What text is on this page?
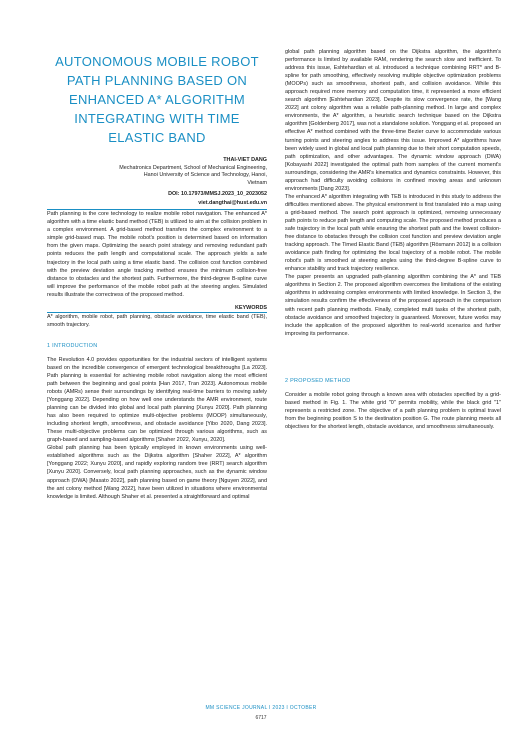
AUTONOMOUS MOBILE ROBOT PATH PLANNING BASED ON ENHANCED A* ALGORITHM INTEGRATING WITH TIME ELASTIC BAND
THAI-VIET DANG
Mechatronics Department, School of Mechanical Engineering,
Hanoi University of Science and Technology, Hanoi,
Vietnam
DOI: 10.17973/MMSJ.2023_10_2023052
viet.dangthai@hust.edu.vn

Path planning is the core technology to realize mobile robot navigation. The enhanced A* algorithm with a time elastic band method (TEB) is utilized to aim at the collision problem in a complex environment. A grid-based method transfers the complex environment to a simple grid-based map. The mobile robot's position is determined based on information from the given maps. Optimizing the search point strategy and removing redundant path points reduces the path length and computational scale. The approach yields a safe trajectory in the local path using a time elastic band. The collision cost function combined with the preview deviation angle tracking method ensures the minimum collision-free distance to obstacles and the shortest path. Furthermore, the third-degree B-spline curve will improve the performance of the mobile robot path at the steering angles. Simulated results illustrate the correctness of the proposed method.

KEYWORDS

A* algorithm, mobile robot, path planning, obstacle avoidance, time elastic band (TEB), smooth trajectory.

1 INTRODUCTION

The Revolution 4.0 provides opportunities for the industrial sectors of intelligent systems based on the incredible convergence of emergent technological breakthroughs [La 2023]. Path planning is essential for achieving mobile robot navigation along the most efficient path between the beginning and goal points [Han 2017, Tran 2023]. Autonomous mobile robots (AMRs) sense their surroundings by identifying real-time barriers to moving safely [Yonggang 2022]. Depending on how well one understands the AMR environment, route planning can be divided into global and local path planning [Xunyu 2020]. Path planning has also been required to optimize multi-objective problems (MOOP) simultaneously, including shortest length, smoothness, and obstacle avoidance [Yibo 2020, Dang 2023]. These multi-objective problems can be optimized through various algorithms, such as graph-based and sampling-based algorithms [Shaher 2022, Xunyu, 2020].

Global path planning has been typically employed in known environments using well-established algorithms such as the Dijkstra algorithm [Shaher 2022], A* algorithm [Yonggang 2022; Xunyu 2020], and rapidly exploring random tree (RRT) search algorithm [Xunyu 2020]. Conversely, local path planning approaches, such as the dynamic window approach (DWA) [Masato 2022], path planning based on game theory [Nguyen 2022], and the ant colony method [Wang 2022], have been utilized in situations where environmental knowledge is limited. Although Shaher et al. presented a straightforward and optimal

global path planning algorithm based on the Dijkstra algorithm, the algorithm's performance is limited by available RAM, rendering the search slow and inefficient. To address this issue, Eshtehardian et al. introduced a technique combining RRT* and B-spline for path smoothing, effectively resolving multiple objective optimization problems (MOOPs) such as smoothness, shortest path, and collision avoidance. While this approach required more memory and computation time, it represented a more efficient search algorithm [Eshtehardian 2023]. Despite its slow convergence rate, the [Wang 2022] ant colony algorithm was a reliable path-planning method. In large and complex environments, the A* algorithm, a heuristic search technique based on the Dijkstra algorithm [Goldenberg 2017], was not a standalone solution. Yonggang et al. proposed an effective A* method combined with the three-time Bezier curve to accommodate various turning points and steering angles to address this issue. Improved A* algorithms have been widely used in global and local path planning due to their short computation speeds, path optimization, and other advantages. The dynamic window approach (DWA) [Kobayashi 2022] investigated the optimal path from samples of the current moment's surroundings, considering the AMR's kinematics and dynamics constraints. However, this approach had difficulty avoiding collisions in confined moving areas and unknown environments [Dang 2023].

The enhanced A* algorithm integrating with TEB is introduced in this study to address the difficulties mentioned above. The physical environment is first translated into a map using a grid-based method. The search point approach is optimized, removing unnecessary path points to reduce path length and computing scale. The proposed method produces a safe trajectory in the local path while ensuring the shortest path and the lowest collision-free distance to obstacles through the collision cost function and preview deviation angle tracking approach. The Timed Elastic Band (TEB) algorithm [Rösmann 2012] is a collision avoidance path finding for optimizing the local trajectory of a mobile robot. The mobile robot's path is smoothed at steering angles using the third-degree B-spline curve to enhance stability and track trajectory resilience.

The paper presents an upgraded path-planning algorithm combining the A* and TEB algorithms in Section 2. The proposed algorithm overcomes the limitations of the existing algorithms in addressing complex environments with limited knowledge. In Section 3, the simulation results confirm the effectiveness of the proposed approach in the comparison with recent path planning methods. Finally, completed multi tasks of the shortest path, obstacle avoidance and smoothed trajectory is guaranteed. Moreover, future works may include the application of the proposed algorithm to real-world scenarios and further improving its performance.

2 PROPOSED METHOD

Consider a mobile robot going through a known area with obstacles specified by a grid-based method in Fig. 1. The white grid "0" permits mobility, while the black grid "1" represents a restricted zone. The objective of a path planning problem is optimal travel from the beginning position S to the destination position G. The route planning meets all objectives for the shortest length, obstacle avoidance, and smoothness simultaneously.

MM SCIENCE JOURNAL I 2023 I OCTOBER
6717
